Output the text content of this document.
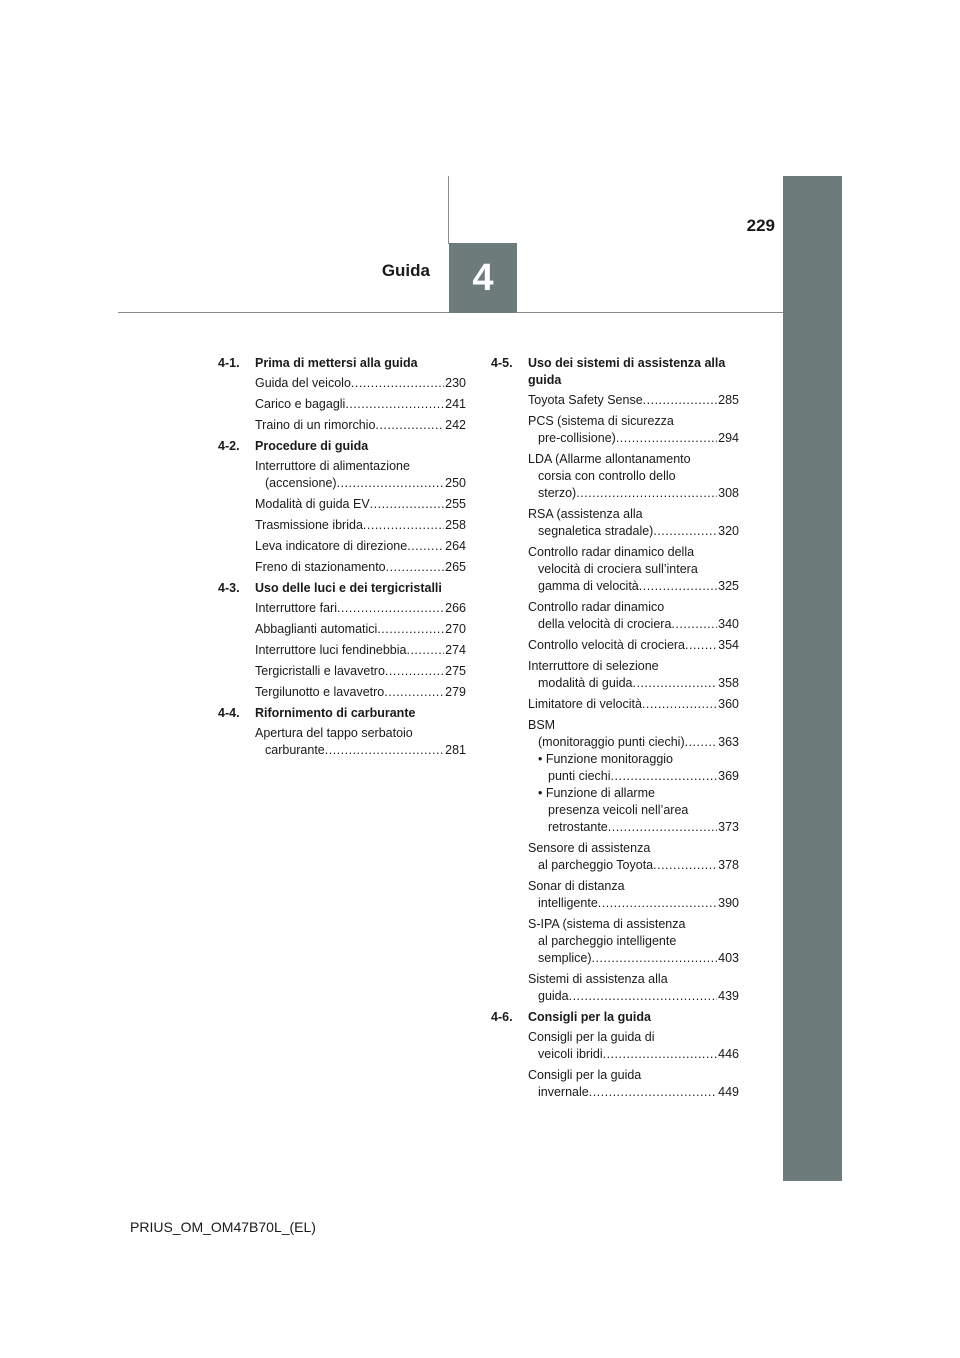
4
229
Guida
4-1.	Prima di mettersi alla guida
Guida del veicolo .....	230
Carico e bagagli .....	241
Traino di un rimorchio .....	242
4-2.	Procedure di guida
Interruttore di alimentazione
(accensione) .....	250
Modalità di guida EV .....	255
Trasmissione ibrida .....	258
Leva indicatore di direzione .....	264
Freno di stazionamento .....	265
4-3.	Uso delle luci e dei tergicristalli
Interruttore fari .....	266
Abbaglianti automatici .....	270
Interruttore luci fendinebbia .....	274
Tergicristalli e lavavetro .....	275
Tergilunotto e lavavetro .....	279
4-4.	Rifornimento di carburante
Apertura del tappo serbatoio
carburante .....	281
4-5.	Uso dei sistemi di assistenza alla guida
Toyota Safety Sense .....	285
PCS (sistema di sicurezza
pre-collisione) .....	294
LDA (Allarme allontanamento
corsia con controllo dello
sterzo) .....	308
RSA (assistenza alla
segnaletica stradale) .....	320
Controllo radar dinamico della
velocità di crociera sull’intera
gamma di velocità .....	325
Controllo radar dinamico
della velocità di crociera .....	340
Controllo velocità di crociera .....	354
Interruttore di selezione
modalità di guida .....	358
Limitatore di velocità .....	360
BSM
(monitoraggio punti ciechi) .....	363
• Funzione monitoraggio
punti ciechi .....	369
• Funzione di allarme
presenza veicoli nell’area
retrostante .....	373
Sensore di assistenza
al parcheggio Toyota .....	378
Sonar di distanza
intelligente .....	390
S-IPA (sistema di assistenza
al parcheggio intelligente
semplice) .....	403
Sistemi di assistenza alla
guida .....	439
4-6.	Consigli per la guida
Consigli per la guida di
veicoli ibridi .....	446
Consigli per la guida
invernale .....	449
PRIUS_OM_OM47B70L_(EL)
